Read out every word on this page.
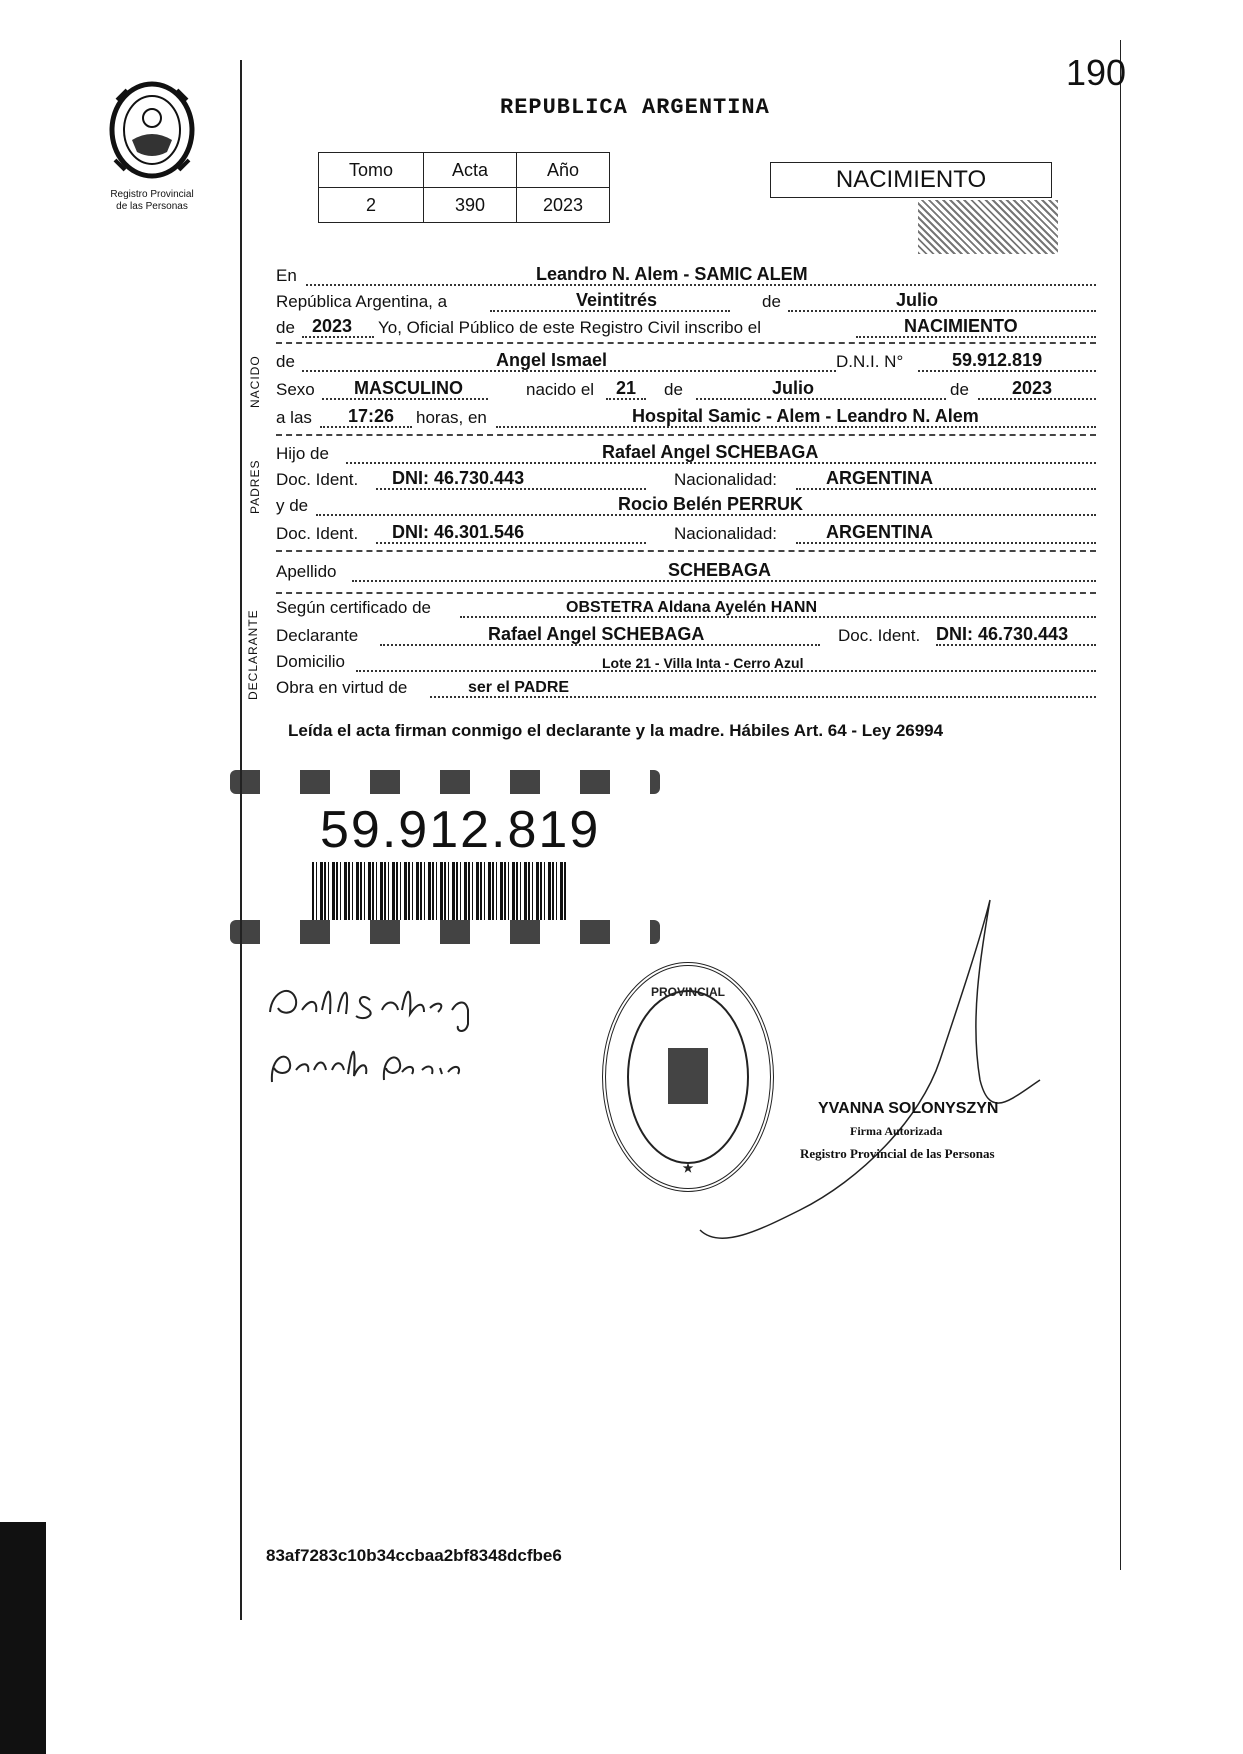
190
REPUBLICA ARGENTINA
Registro Provincial
de las Personas
Tomo	Acta	Año
2	390	2023
NACIMIENTO
En	Leandro N. Alem - SAMIC ALEM
República Argentina, a	Veintitrés	de	Julio
de 2023 Yo, Oficial Público de este Registro Civil inscribo el	NACIMIENTO
NACIDO de	Angel Ismael	D.N.I. N°	59.912.819
Sexo MASCULINO	nacido el 21 de	Julio	de 2023
a las 17:26 horas, en	Hospital Samic - Alem - Leandro N. Alem
PADRES
Hijo de	Rafael Angel SCHEBAGA
Doc. Ident. DNI: 46.730.443	Nacionalidad:	ARGENTINA
y de	Rocio Belén PERRUK
Doc. Ident. DNI: 46.301.546	Nacionalidad:	ARGENTINA
Apellido	SCHEBAGA
DECLARANTE
Según certificado de	OBSTETRA Aldana Ayelén HANN
Declarante	Rafael Angel SCHEBAGA	Doc. Ident. DNI: 46.730.443
Domicilio	Lote 21 - Villa Inta - Cerro Azul
Obra en virtud de	ser el PADRE
Leída el acta firman conmigo el declarante y la madre. Hábiles Art. 64 - Ley 26994
59.912.819
PROVINCIAL
★
YVANNA SOLONYSZYN
Firma Autorizada
Registro Provincial de las Personas
83af7283c10b34ccbaa2bf8348dcfbe6
